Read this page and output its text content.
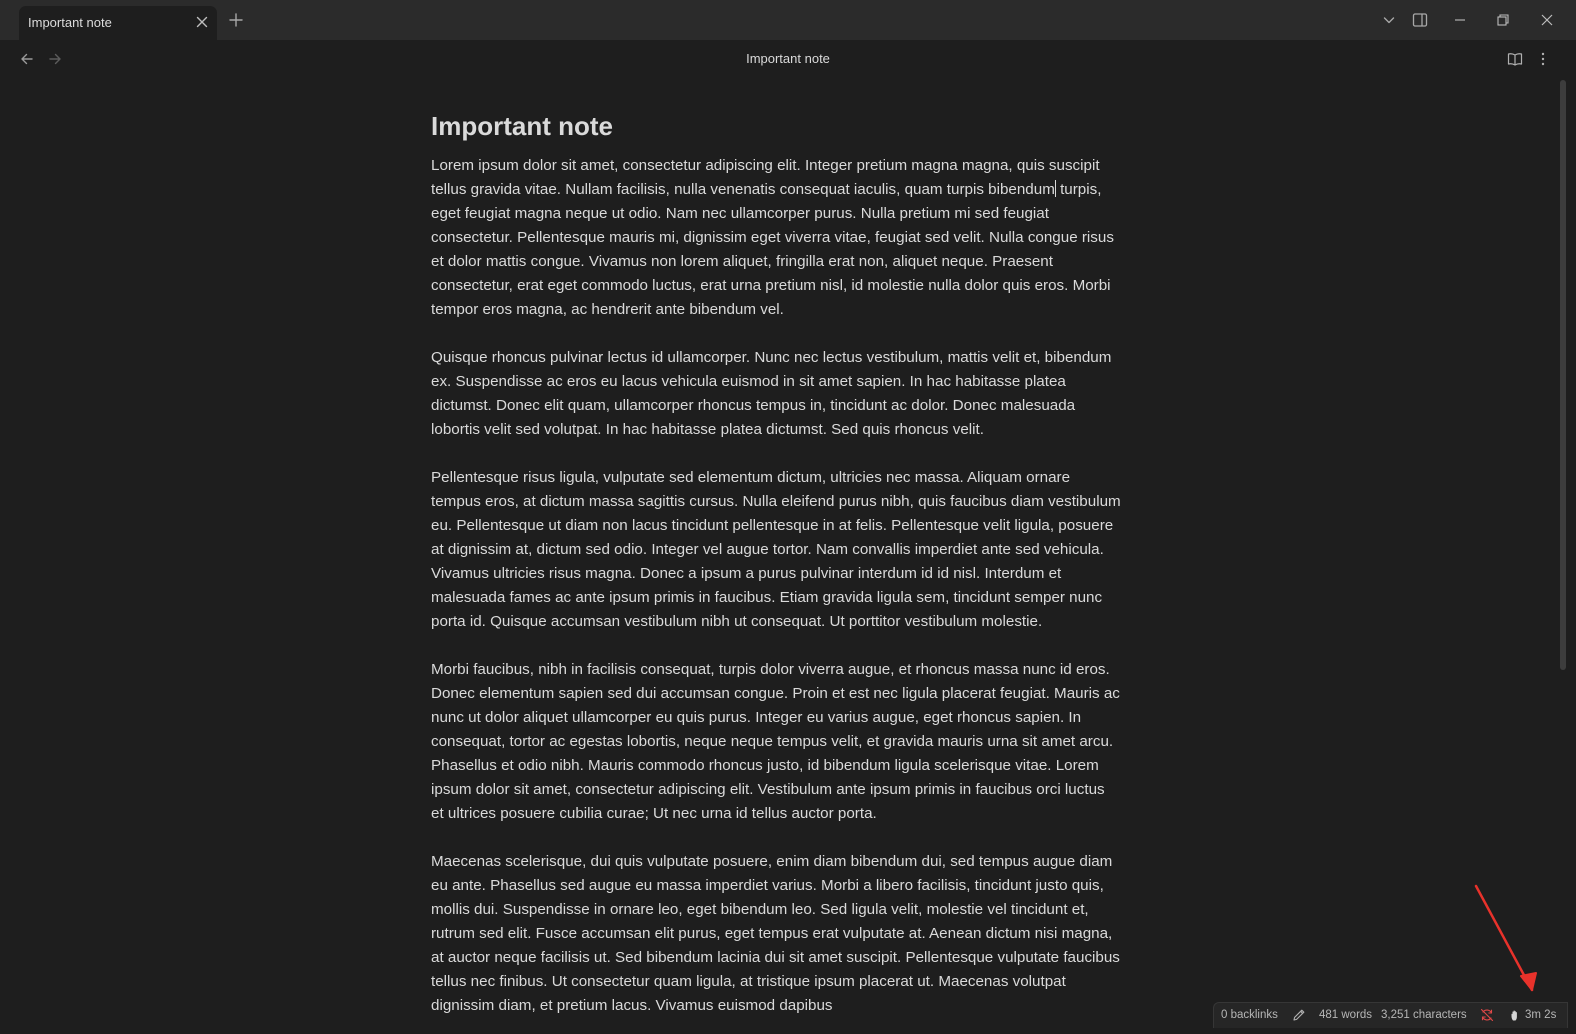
Important note
Important note
Important note

Lorem ipsum dolor sit amet, consectetur adipiscing elit. Integer pretium magna magna, quis suscipit tellus gravida vitae. Nullam facilisis, nulla venenatis consequat iaculis, quam turpis bibendum turpis, eget feugiat magna neque ut odio. Nam nec ullamcorper purus. Nulla pretium mi sed feugiat consectetur. Pellentesque mauris mi, dignissim eget viverra vitae, feugiat sed velit. Nulla congue risus et dolor mattis congue. Vivamus non lorem aliquet, fringilla erat non, aliquet neque. Praesent consectetur, erat eget commodo luctus, erat urna pretium nisl, id molestie nulla dolor quis eros. Morbi tempor eros magna, ac hendrerit ante bibendum vel.

Quisque rhoncus pulvinar lectus id ullamcorper. Nunc nec lectus vestibulum, mattis velit et, bibendum ex. Suspendisse ac eros eu lacus vehicula euismod in sit amet sapien. In hac habitasse platea dictumst. Donec elit quam, ullamcorper rhoncus tempus in, tincidunt ac dolor. Donec malesuada lobortis velit sed volutpat. In hac habitasse platea dictumst. Sed quis rhoncus velit.

Pellentesque risus ligula, vulputate sed elementum dictum, ultricies nec massa. Aliquam ornare tempus eros, at dictum massa sagittis cursus. Nulla eleifend purus nibh, quis faucibus diam vestibulum eu. Pellentesque ut diam non lacus tincidunt pellentesque in at felis. Pellentesque velit ligula, posuere at dignissim at, dictum sed odio. Integer vel augue tortor. Nam convallis imperdiet ante sed vehicula. Vivamus ultricies risus magna. Donec a ipsum a purus pulvinar interdum id id nisl. Interdum et malesuada fames ac ante ipsum primis in faucibus. Etiam gravida ligula sem, tincidunt semper nunc porta id. Quisque accumsan vestibulum nibh ut consequat. Ut porttitor vestibulum molestie.

Morbi faucibus, nibh in facilisis consequat, turpis dolor viverra augue, et rhoncus massa nunc id eros. Donec elementum sapien sed dui accumsan congue. Proin et est nec ligula placerat feugiat. Mauris ac nunc ut dolor aliquet ullamcorper eu quis purus. Integer eu varius augue, eget rhoncus sapien. In consequat, tortor ac egestas lobortis, neque neque tempus velit, et gravida mauris urna sit amet arcu. Phasellus et odio nibh. Mauris commodo rhoncus justo, id bibendum ligula scelerisque vitae. Lorem ipsum dolor sit amet, consectetur adipiscing elit. Vestibulum ante ipsum primis in faucibus orci luctus et ultrices posuere cubilia curae; Ut nec urna id tellus auctor porta.

Maecenas scelerisque, dui quis vulputate posuere, enim diam bibendum dui, sed tempus augue diam eu ante. Phasellus sed augue eu massa imperdiet varius. Morbi a libero facilisis, tincidunt justo quis, mollis dui. Suspendisse in ornare leo, eget bibendum leo. Sed ligula velit, molestie vel tincidunt et, rutrum sed elit. Fusce accumsan elit purus, eget tempus erat vulputate at. Aenean dictum nisi magna, at auctor neque facilisis ut. Sed bibendum lacinia dui sit amet suscipit. Pellentesque vulputate faucibus tellus nec finibus. Ut consectetur quam ligula, at tristique ipsum placerat ut. Maecenas volutpat dignissim diam, et pretium lacus. Vivamus euismod dapibus

0 backlinks	481 words 3,251 characters	3m 2s
